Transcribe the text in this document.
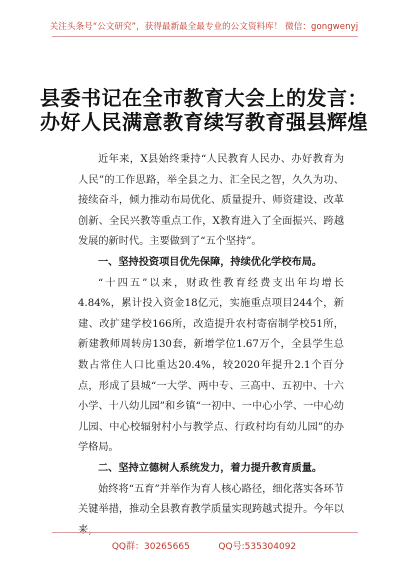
关注头条号“公文研究”，获得最新最全最专业的公文资料库！ 微信：gongwenyj
县委书记在全市教育大会上的发言：
办好人民满意教育续写教育强县辉煌

近年来，X县始终秉持“人民教育人民办、办好教育为人民”的工作思路，举全县之力、汇全民之智，久久为功、接续奋斗，倾力推动布局优化、质量提升、师资建设、改革创新、全民兴教等重点工作，X教育进入了全面振兴、跨越发展的新时代。主要做到了“五个坚持”。

一、坚持投资项目优先保障，持续优化学校布局。

“十四五”以来，财政性教育经费支出年均增长4.84%，累计投入资金18亿元，实施重点项目244个，新建、改扩建学校166所，改造提升农村寄宿制学校51所，新建教师周转房130套，新增学位1.67万个，全县学生总数占常住人口比重达20.4%，较2020年提升2.1个百分点，形成了县城“一大学、两中专、三高中、五初中、十六小学、十八幼儿园”和乡镇“一初中、一中心小学、一中心幼儿园、中心校辐射村小与教学点、行政村均有幼儿园”的办学格局。

二、坚持立德树人系统发力，着力提升教育质量。

始终将“五育”并举作为育人核心路径，细化落实各环节关键举措，推动全县教育教学质量实现跨越式提升。今年以来，

QQ群：30265665          QQ号:535304092
